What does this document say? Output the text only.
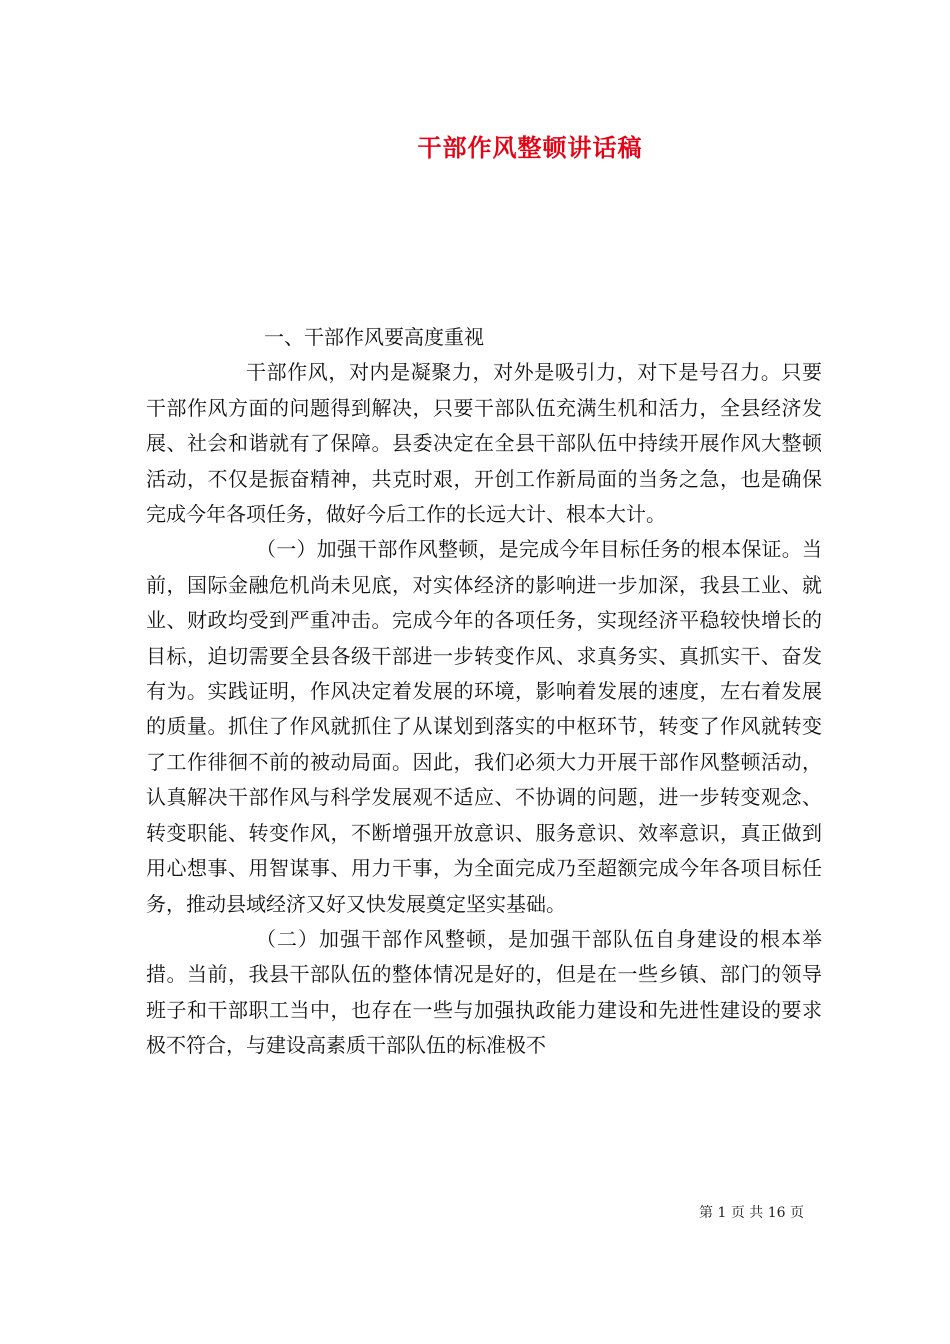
干部作风整顿讲话稿

一、干部作风要高度重视

干部作风，对内是凝聚力，对外是吸引力，对下是号召力。只要干部作风方面的问题得到解决，只要干部队伍充满生机和活力，全县经济发展、社会和谐就有了保障。县委决定在全县干部队伍中持续开展作风大整顿活动，不仅是振奋精神，共克时艰，开创工作新局面的当务之急，也是确保完成今年各项任务，做好今后工作的长远大计、根本大计。

（一）加强干部作风整顿，是完成今年目标任务的根本保证。当前，国际金融危机尚未见底，对实体经济的影响进一步加深，我县工业、就业、财政均受到严重冲击。完成今年的各项任务，实现经济平稳较快增长的目标，迫切需要全县各级干部进一步转变作风、求真务实、真抓实干、奋发有为。实践证明，作风决定着发展的环境，影响着发展的速度，左右着发展的质量。抓住了作风就抓住了从谋划到落实的中枢环节，转变了作风就转变了工作徘徊不前的被动局面。因此，我们必须大力开展干部作风整顿活动，认真解决干部作风与科学发展观不适应、不协调的问题，进一步转变观念、转变职能、转变作风，不断增强开放意识、服务意识、效率意识，真正做到用心想事、用智谋事、用力干事，为全面完成乃至超额完成今年各项目标任务，推动县域经济又好又快发展奠定坚实基础。

（二）加强干部作风整顿，是加强干部队伍自身建设的根本举措。当前，我县干部队伍的整体情况是好的，但是在一些乡镇、部门的领导班子和干部职工当中，也存在一些与加强执政能力建设和先进性建设的要求极不符合，与建设高素质干部队伍的标准极不

第 1 页 共 16 页
